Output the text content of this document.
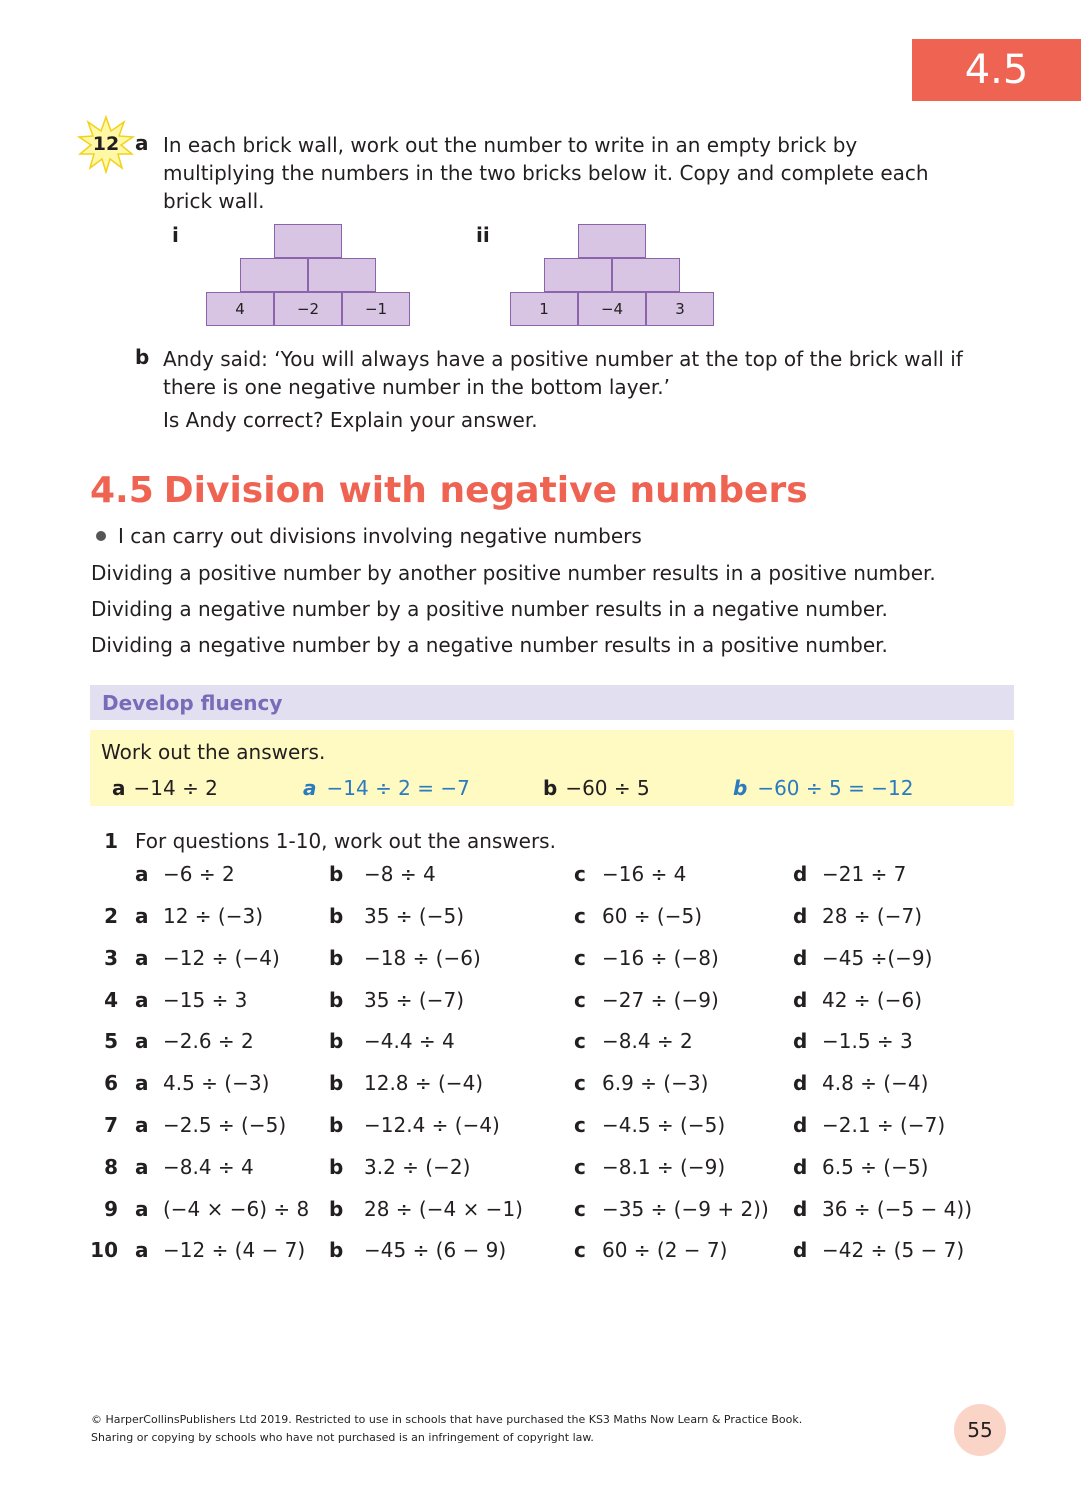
4.5
12 a In each brick wall, work out the number to write in an empty brick by multiplying the numbers in the two bricks below it. Copy and complete each brick wall.
i
4	−2	−1
ii
1	−4	3
b Andy said: ‘You will always have a positive number at the top of the brick wall if there is one negative number in the bottom layer.’
Is Andy correct? Explain your answer.
4.5 Division with negative numbers
I can carry out divisions involving negative numbers
Dividing a positive number by another positive number results in a positive number.
Dividing a negative number by a positive number results in a negative number.
Dividing a negative number by a negative number results in a positive number.
Develop fluency
Work out the answers.
a −14 ÷ 2	a −14 ÷ 2 = −7	b −60 ÷ 5	b −60 ÷ 5 = −12
1 For questions 1-10, work out the answers.
a −6 ÷ 2	b −8 ÷ 4	c −16 ÷ 4	d −21 ÷ 7
2 a 12 ÷ (−3)	b 35 ÷ (−5)	c 60 ÷ (−5)	d 28 ÷ (−7)
3 a −12 ÷ (−4) b −18 ÷ (−6)	c −16 ÷ (−8)	d −45 ÷(−9)
4 a −15 ÷ 3	b 35 ÷ (−7)	c −27 ÷ (−9)	d 42 ÷ (−6)
5 a −2.6 ÷ 2	b −4.4 ÷ 4	c −8.4 ÷ 2	d −1.5 ÷ 3
6 a 4.5 ÷ (−3)	b 12.8 ÷ (−4)	c 6.9 ÷ (−3)	d 4.8 ÷ (−4)
7 a −2.5 ÷ (−5) b −12.4 ÷ (−4)	c −4.5 ÷ (−5)	d −2.1 ÷ (−7)
8 a −8.4 ÷ 4	b 3.2 ÷ (−2)	c −8.1 ÷ (−9)	d 6.5 ÷ (−5)
9 a (−4 × −6) ÷ 8 b 28 ÷ (−4 × −1)	c −35 ÷ (−9 + 2)) d 36 ÷ (−5 − 4))
10 a −12 ÷ (4 − 7) b −45 ÷ (6 − 9)	c 60 ÷ (2 − 7)	d −42 ÷ (5 − 7)
© HarperCollinsPublishers Ltd 2019. Restricted to use in schools that have purchased the KS3 Maths Now Learn & Practice Book.
Sharing or copying by schools who have not purchased is an infringement of copyright law.	55
